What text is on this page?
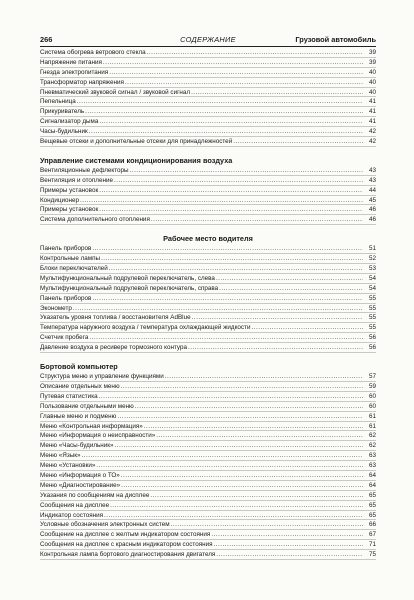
266	СОДЕРЖАНИЕ	Грузовой автомобиль
Система обогрева ветрового стекла .....	39
Напряжение питания .....	39
Гнезда электропитания .....	40
Трансформатор напряжения .....	40
Пневматический звуковой сигнал / звуковой сигнал .....	40
Пепельница .....	41
Прикуриватель .....	41
Сигнализатор дыма .....	41
Часы-будильник .....	42
Вещевые отсеки и дополнительные отсеки для принадлежностей .....	42
Управление системами кондиционирования воздуха
Вентиляционные дефлекторы .....	43
Вентиляция и отопление .....	43
Примеры установок .....	44
Кондиционер .....	45
Примеры установок .....	46
Система дополнительного отопления .....	46
Рабочее место водителя
Панель приборов .....	51
Контрольные лампы .....	52
Блоки переключателей .....	53
Мультифункциональный подрулевой переключатель, слева .....	54
Мультифункциональный подрулевой переключатель, справа .....	54
Панель приборов .....	55
Эконометр .....	55
Указатель уровня топлива / восстановителя AdBlue .....	55
Температура наружного воздуха / температура охлаждающей жидкости .....	55
Счетчик пробега .....	56
Давление воздуха в ресивере тормозного контура .....	56
Бортовой компьютер
Структура меню и управление функциями .....	57
Описание отдельных меню .....	59
Путевая статистика .....	60
Пользование отдельными меню .....	60
Главные меню и подменю .....	61
Меню «Контрольная информация» .....	61
Меню «Информация о неисправности» .....	62
Меню «Часы-будильник» .....	62
Меню «Язык» .....	63
Меню «Установки» .....	63
Меню «Информация о ТО» .....	64
Меню «Диагностирование» .....	64
Указания по сообщениям на дисплее .....	65
Сообщения на дисплее .....	65
Индикатор состояния .....	65
Условные обозначения электронных систем .....	66
Сообщение на дисплее с желтым индикатором состояния .....	67
Сообщения на дисплее с красным индикатором состояния .....	71
Контрольная лампа бортового диагностирования двигателя .....	75
